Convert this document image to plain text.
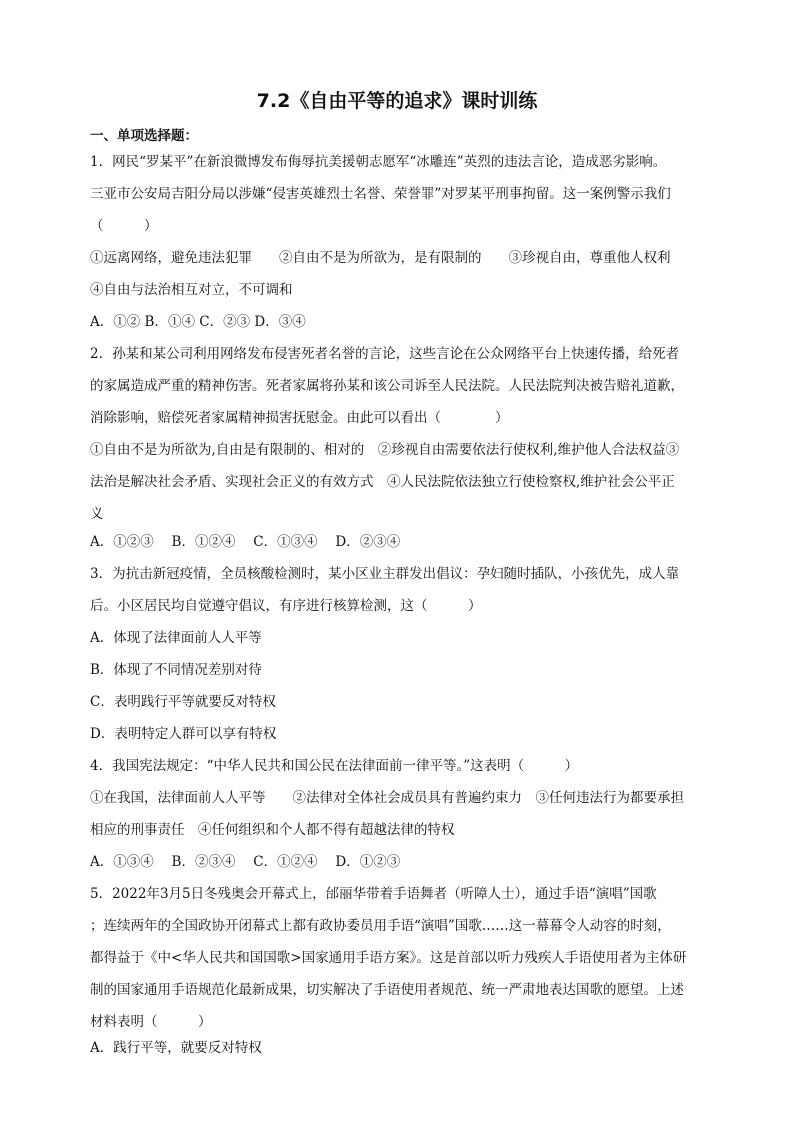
7.2《自由平等的追求》课时训练
一、单项选择题：
1．网民“罗某平”在新浪微博发布侮辱抗美援朝志愿军“冰雕连”英烈的违法言论，造成恶劣影响。
三亚市公安局吉阳分局以涉嫌“侵害英雄烈士名誉、荣誉罪”对罗某平刑事拘留。这一案例警示我们
（　　　）
①远离网络，避免违法犯罪　　②自由不是为所欲为，是有限制的　　③珍视自由，尊重他人权利
④自由与法治相互对立，不可调和
A．①② B．①④ C．②③ D．③④
2．孙某和某公司利用网络发布侵害死者名誉的言论，这些言论在公众网络平台上快速传播，给死者
的家属造成严重的精神伤害。死者家属将孙某和该公司诉至人民法院。人民法院判决被告赔礼道歉，
消除影响，赔偿死者家属精神损害抚慰金。由此可以看出（　　　　）
①自由不是为所欲为,自由是有限制的、相对的　②珍视自由需要依法行使权利,维护他人合法权益③
法治是解决社会矛盾、实现社会正义的有效方式　④人民法院依法独立行使检察权,维护社会公平正
义
A．①②③　 B．①②④　 C．①③④　 D．②③④
3．为抗击新冠疫情，全员核酸检测时，某小区业主群发出倡议：孕妇随时插队，小孩优先，成人靠
后。小区居民均自觉遵守倡议，有序进行核算检测，这（　　　）
A．体现了法律面前人人平等
B．体现了不同情况差别对待
C．表明践行平等就要反对特权
D．表明特定人群可以享有特权
4．我国宪法规定：“中华人民共和国公民在法律面前一律平等。”这表明（　　　）
①在我国，法律面前人人平等　　②法律对全体社会成员具有普遍约束力　③任何违法行为都要承担
相应的刑事责任　④任何组织和个人都不得有超越法律的特权
A．①③④　 B．②③④　 C．①②④　 D．①②③
5．2022年3月5日冬残奥会开幕式上，邰丽华带着手语舞者（听障人士），通过手语“演唱”国歌
；连续两年的全国政协开闭幕式上都有政协委员用手语“演唱”国歌……这一幕幕令人动容的时刻，
都得益于《中<华人民共和国国歌>国家通用手语方案》。这是首部以听力残疾人手语使用者为主体研
制的国家通用手语规范化最新成果，切实解决了手语使用者规范、统一严肃地表达国歌的愿望。上述
材料表明（　　　）
A．践行平等，就要反对特权
